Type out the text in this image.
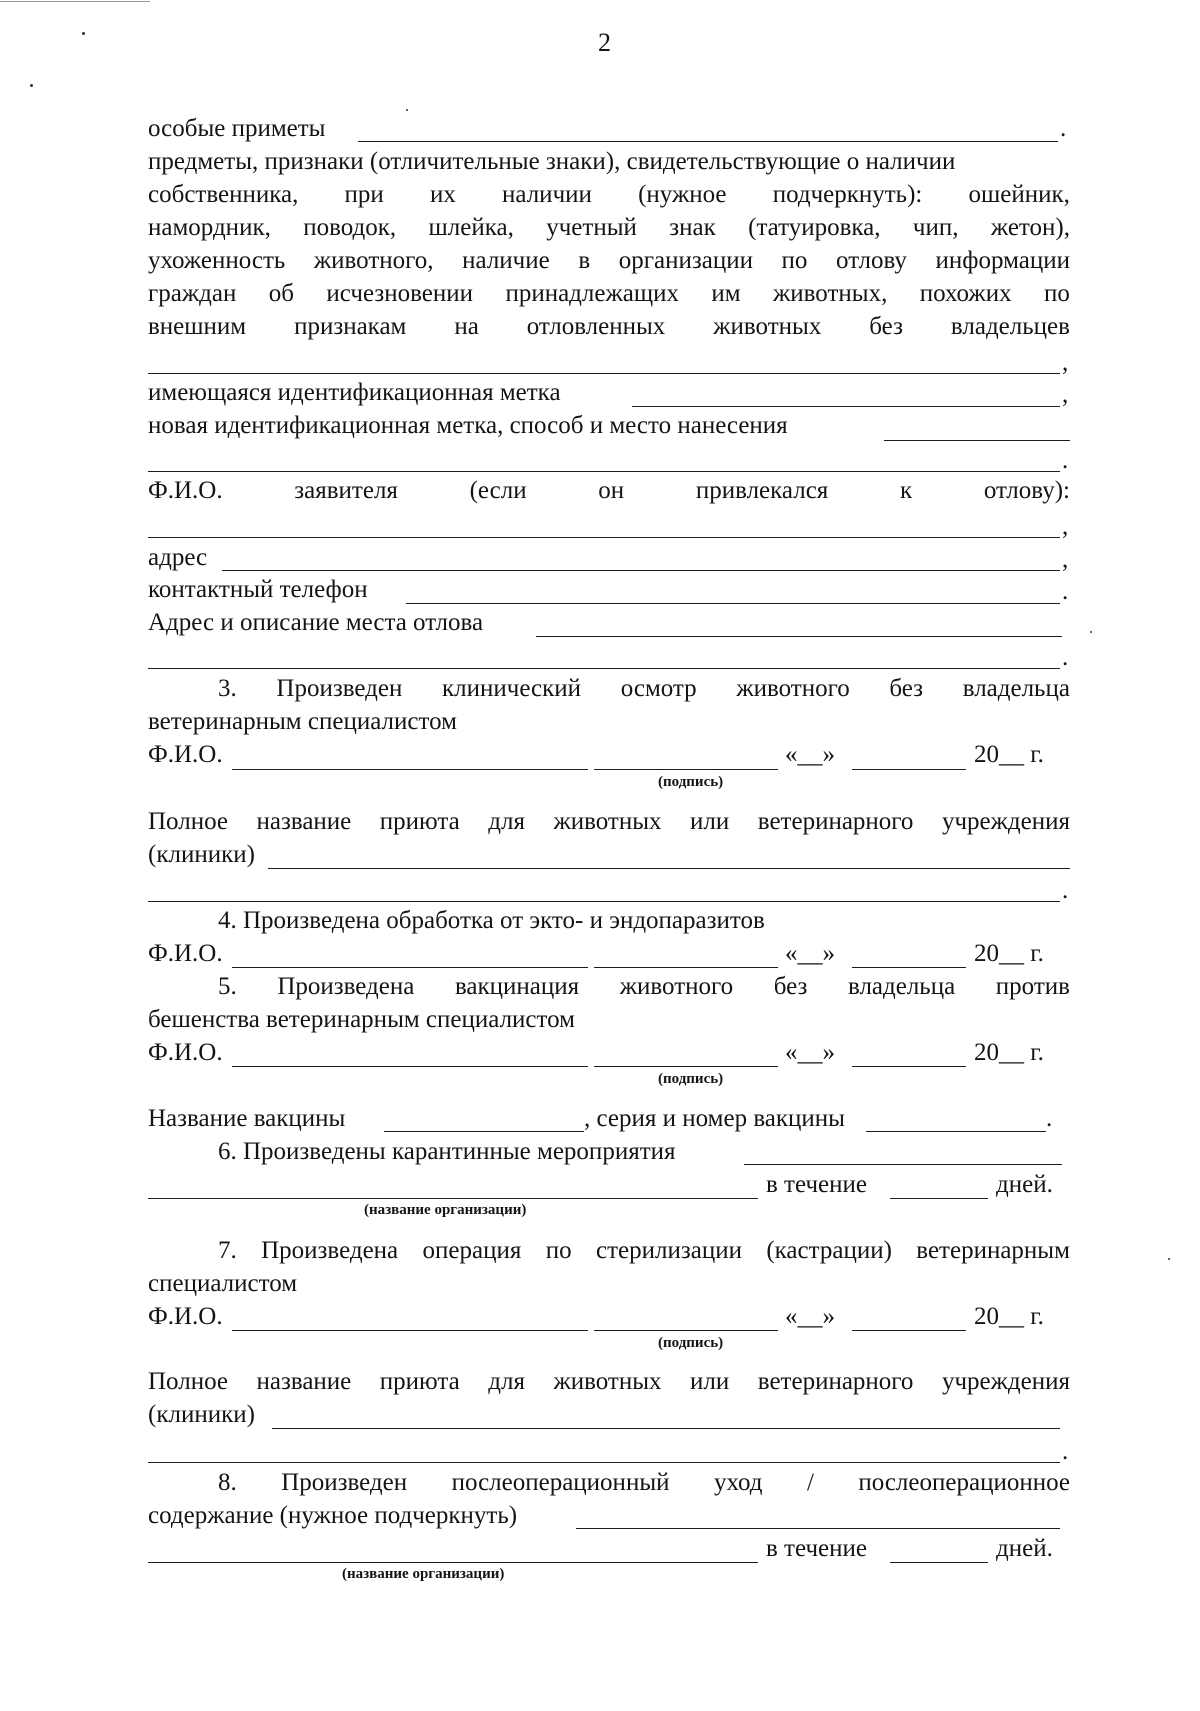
2
особые приметы	.
предметы, признаки (отличительные знаки), свидетельствующие о наличии
собственника, при их наличии (нужное подчеркнуть): ошейник,
намордник, поводок, шлейка, учетный знак (татуировка, чип, жетон),
ухоженность животного, наличие в организации по отлову информации
граждан об исчезновении принадлежащих им животных, похожих по
внешним признакам на отловленных животных без владельцев
,
имеющаяся идентификационная метка	,
новая идентификационная метка, способ и место нанесения
.
Ф.И.О.	заявителя	(если	он	привлекался	к	отлову):
,
адрес	,
контактный телефон	.
Адрес и описание места отлова
.
3. Произведен клинический осмотр животного без владельца
ветеринарным специалистом
Ф.И.О.	«__»	20__ г.
(подпись)
Полное название приюта для животных или ветеринарного учреждения
(клиники)
.
4. Произведена обработка от экто- и эндопаразитов
Ф.И.О.	«__»	20__ г.
5. Произведена вакцинация животного без владельца против
бешенства ветеринарным специалистом
Ф.И.О.	«__»	20__ г.
(подпись)
Название вакцины	, серия и номер вакцины	.
6. Произведены карантинные мероприятия
в течение	дней.
(название организации)
7. Произведена операция по стерилизации (кастрации) ветеринарным
специалистом
Ф.И.О.	«__»	20__ г.
(подпись)
Полное название приюта для животных или ветеринарного учреждения
(клиники)
.
8. Произведен послеоперационный уход / послеоперационное
содержание (нужное подчеркнуть)
в течение	дней.
(название организации)
